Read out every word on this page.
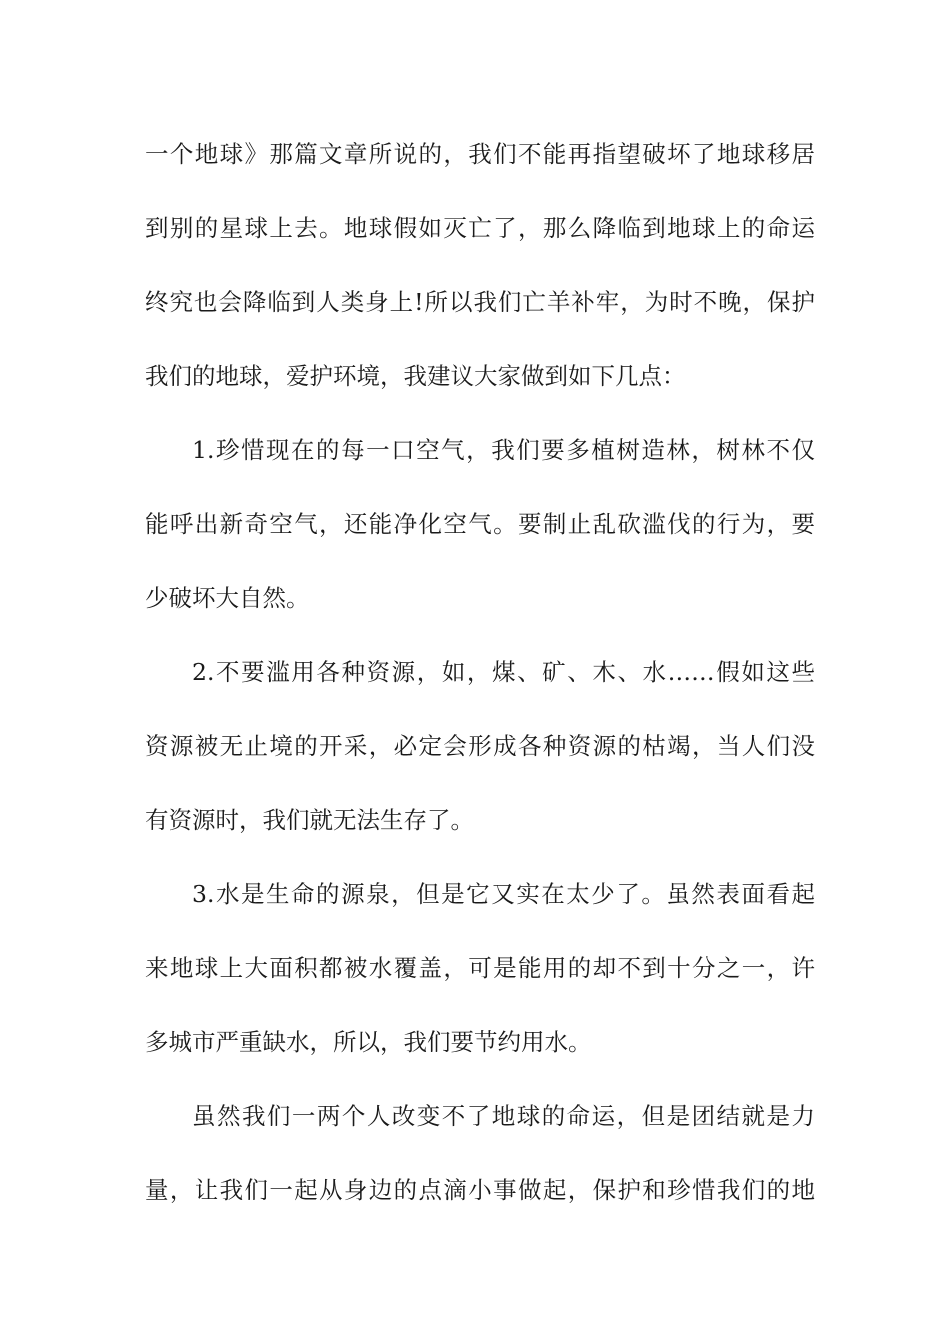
一个地球》那篇文章所说的，我们不能再指望破坏了地球移居
到别的星球上去。地球假如灭亡了，那么降临到地球上的命运
终究也会降临到人类身上!所以我们亡羊补牢，为时不晚，保护
我们的地球，爱护环境，我建议大家做到如下几点：
1.珍惜现在的每一口空气，我们要多植树造林，树林不仅
能呼出新奇空气，还能净化空气。要制止乱砍滥伐的行为，要
少破坏大自然。
2.不要滥用各种资源，如，煤、矿、木、水……假如这些
资源被无止境的开采，必定会形成各种资源的枯竭，当人们没
有资源时，我们就无法生存了。
3.水是生命的源泉，但是它又实在太少了。虽然表面看起
来地球上大面积都被水覆盖，可是能用的却不到十分之一，许
多城市严重缺水，所以，我们要节约用水。
虽然我们一两个人改变不了地球的命运，但是团结就是力
量，让我们一起从身边的点滴小事做起，保护和珍惜我们的地
